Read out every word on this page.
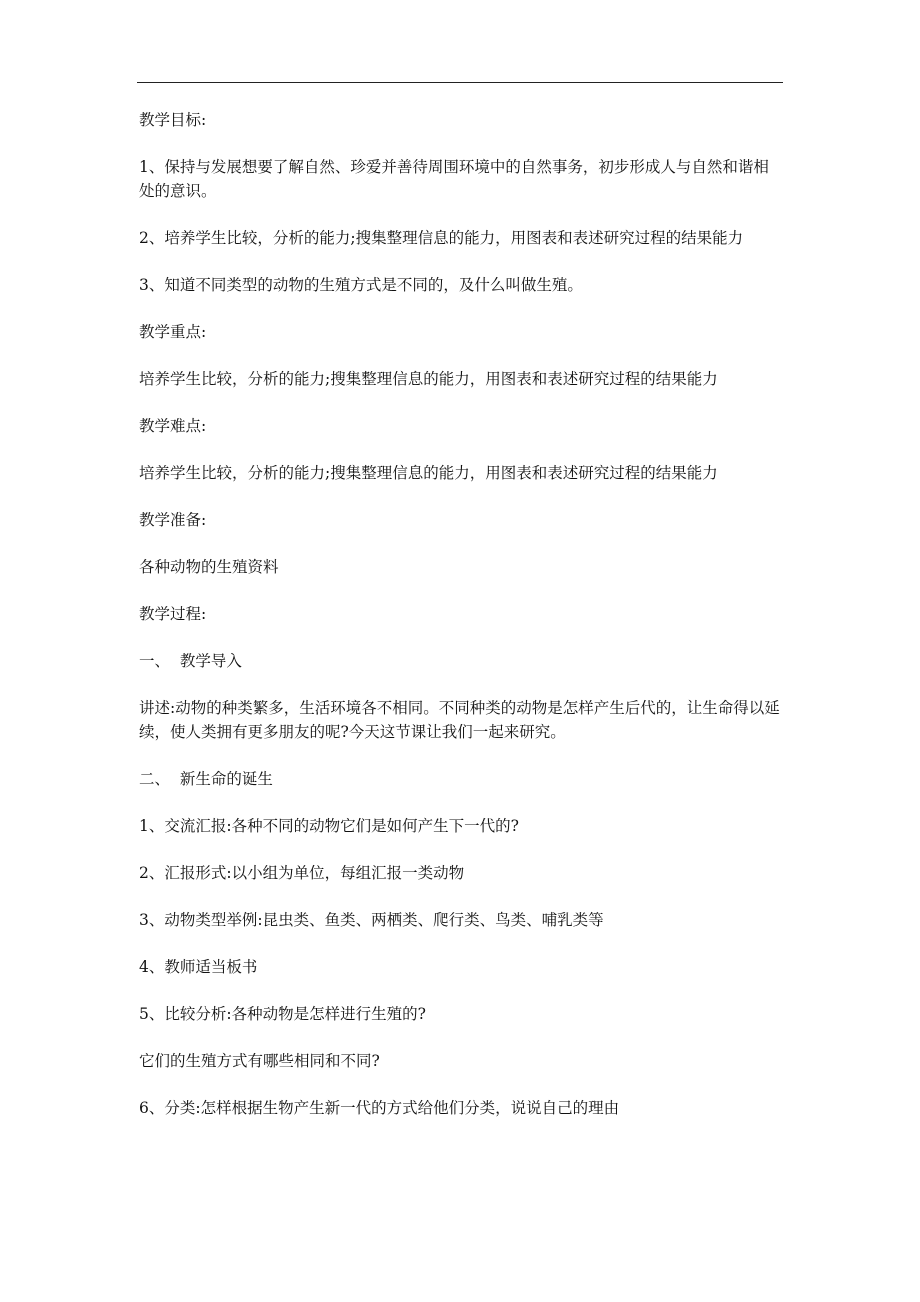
教学目标:

1、保持与发展想要了解自然、珍爱并善待周围环境中的自然事务，初步形成人与自然和谐相处的意识。

2、培养学生比较，分析的能力;搜集整理信息的能力，用图表和表述研究过程的结果能力

3、知道不同类型的动物的生殖方式是不同的，及什么叫做生殖。

教学重点:

培养学生比较，分析的能力;搜集整理信息的能力，用图表和表述研究过程的结果能力

教学难点:

培养学生比较，分析的能力;搜集整理信息的能力，用图表和表述研究过程的结果能力

教学准备:

各种动物的生殖资料

教学过程:

一、  教学导入

讲述:动物的种类繁多，生活环境各不相同。不同种类的动物是怎样产生后代的，让生命得以延续，使人类拥有更多朋友的呢?今天这节课让我们一起来研究。

二、  新生命的诞生

1、交流汇报:各种不同的动物它们是如何产生下一代的?

2、汇报形式:以小组为单位，每组汇报一类动物

3、动物类型举例:昆虫类、鱼类、两栖类、爬行类、鸟类、哺乳类等

4、教师适当板书

5、比较分析:各种动物是怎样进行生殖的?

它们的生殖方式有哪些相同和不同?

6、分类:怎样根据生物产生新一代的方式给他们分类，说说自己的理由
